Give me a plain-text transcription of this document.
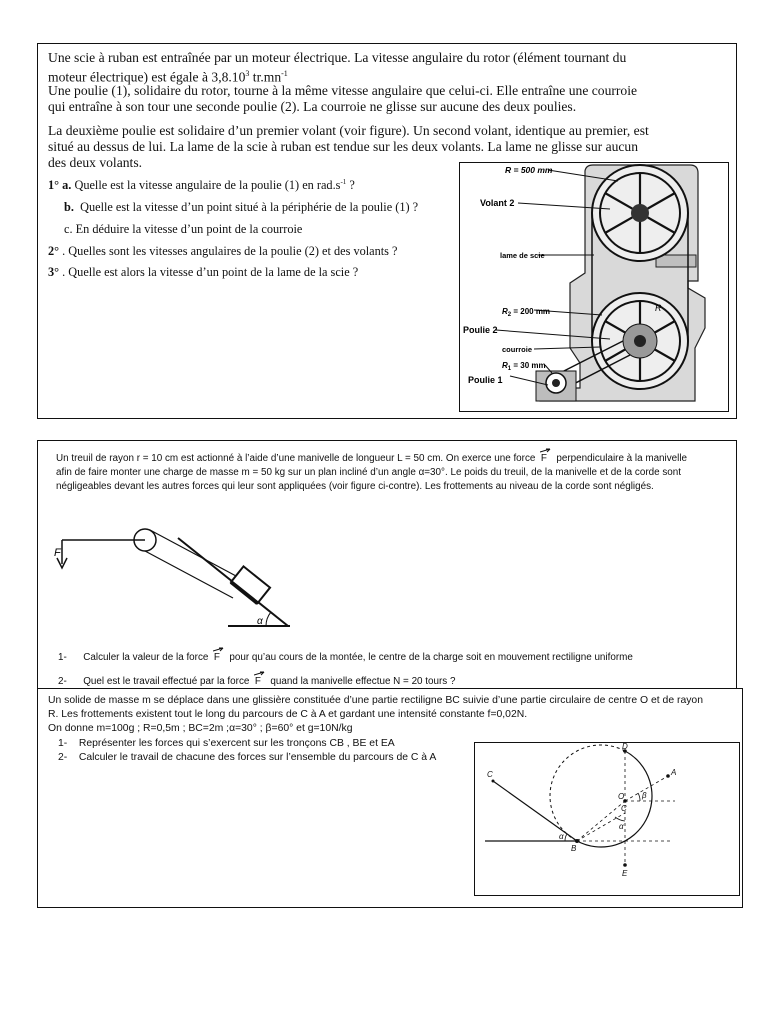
Une scie à ruban est entraînée par un moteur électrique. La vitesse angulaire du rotor (élément tournant du

moteur électrique) est égale à 3,8.10$^3$ $tr.mn^{-1}$

Une poulie (1), solidaire du rotor, tourne à la même vitesse angulaire que celui-ci. Elle entraîne une courroie

qui entraîne à son tour une seconde poulie (2). La courroie ne glisse sur aucune des deux poulies.

La deuxième poulie est solidaire d’un premier volant (voir figure). Un second volant, identique au premier, est

situé au dessus de lui. La lame de la scie à ruban est tendue sur les deux volants. La lame ne glisse sur aucun

des deux volants.

1° a. Quelle est la vitesse angulaire de la poulie (1) en $rad.s^{-1}$ ?
b. Quelle est la vitesse d’un point situé à la périphérie de la poulie (1) ?
c. En déduire la vitesse d’un point de la courroie
2° . Quelles sont les vitesses angulaires de la poulie (2) et des volants ?
3° . Quelle est alors la vitesse d’un point de la lame de la scie ?
R = 500 mm
Volant 2
lame de scie
$R_2 = 200$ mm	R
Poulie 2
courroie
$R_1 = 30$ mm
Poulie 1
Un treuil de rayon r = 10 cm est actionné à l’aide d’une manivelle de longueur L = 50 cm. On exerce une force F perpendiculaire à la manivelle
afin de faire monter une charge de masse m = 50 kg sur un plan incliné d’un angle α=30°. Le poids du treuil, de la manivelle et de la corde sont
négligeables devant les autres forces qui leur sont appliquées (voir figure ci-contre). Les frottements au niveau de la corde sont négligés.
F
α
1- Calculer la valeur de la force F pour qu’au cours de la montée, le centre de la charge soit en mouvement rectiligne uniforme
2- Quel est le travail effectué par la force F quand la manivelle effectue N = 20 tours ?
Un solide de masse m se déplace dans une glissière constituée d’une partie rectiligne BC suivie d’une partie circulaire de centre O et de rayon
R. Les frottements existent tout le long du parcours de C à A et gardant une intensité constante f=0,02N.
On donne m=100g ; R=0,5m ; BC=2m ;α=30° ; β=60° et g=10N/kg
1- Représenter les forces qui s’exercent sur les tronçons CB , BE et EA
2- Calculer le travail de chacune des forces sur l’ensemble du parcours de C à A
C
D
A
O β
C
α
α
B
E
